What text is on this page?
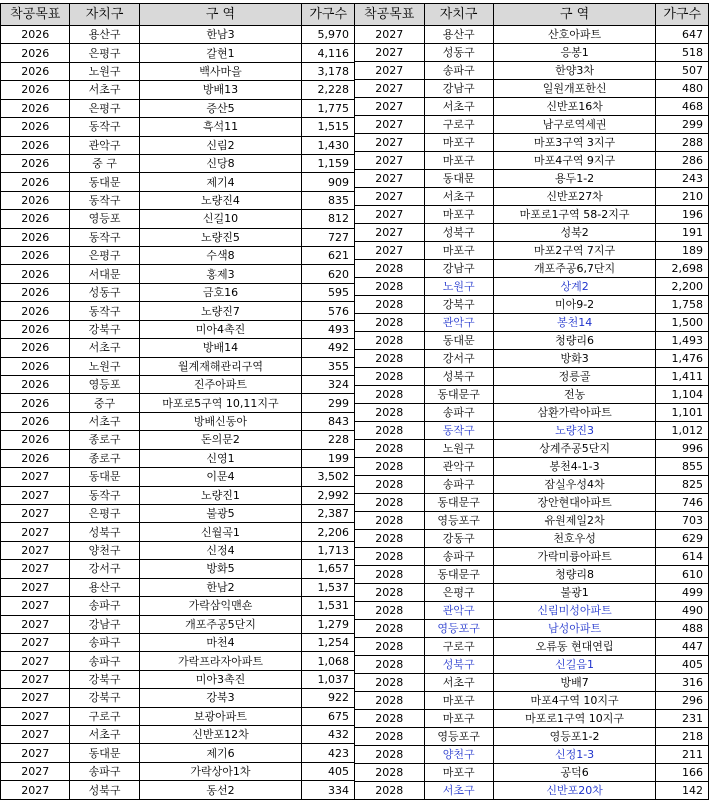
착공목표	자치구	구 역	가구수
2026	용산구	한남3	5,970
2026	은평구	갈현1	4,116
2026	노원구	백사마을	3,178
2026	서초구	방배13	2,228
2026	은평구	증산5	1,775
2026	동작구	흑석11	1,515
2026	관악구	신림2	1,430
2026	중 구	신당8	1,159
2026	동대문	제기4	909
2026	동작구	노량진4	835
2026	영등포	신길10	812
2026	동작구	노량진5	727
2026	은평구	수색8	621
2026	서대문	홍제3	620
2026	성동구	금호16	595
2026	동작구	노량진7	576
2026	강북구	미아4촉진	493
2026	서초구	방배14	492
2026	노원구	월계재해관리구역	355
2026	영등포	진주아파트	324
2026	중구	마포로5구역 10,11지구	299
2026	서초구	방배신동아	843
2026	종로구	돈의문2	228
2026	종로구	신영1	199
2027	동대문	이문4	3,502
2027	동작구	노량진1	2,992
2027	은평구	불광5	2,387
2027	성북구	신월곡1	2,206
2027	양천구	신정4	1,713
2027	강서구	방화5	1,657
2027	용산구	한남2	1,537
2027	송파구	가락삼익맨숀	1,531
2027	강남구	개포주공5단지	1,279
2027	송파구	마천4	1,254
2027	송파구	가락프라자아파트	1,068
2027	강북구	미아3촉진	1,037
2027	강북구	강북3	922
2027	구로구	보광아파트	675
2027	서초구	신반포12차	432
2027	동대문	제기6	423
2027	송파구	가락상아1차	405
2027	성북구	동선2	334
착공목표	자치구	구 역	가구수
2027	용산구	산호아파트	647
2027	성동구	응봉1	518
2027	송파구	한양3차	507
2027	강남구	일원개포한신	480
2027	서초구	신반포16차	468
2027	구로구	남구로역세권	299
2027	마포구	마포3구역 3지구	288
2027	마포구	마포4구역 9지구	286
2027	동대문	용두1-2	243
2027	서초구	신반포27차	210
2027	마포구	마포로1구역 58-2지구	196
2027	성북구	성북2	191
2027	마포구	마포2구역 7지구	189
2028	강남구	개포주공6,7단지	2,698
2028	노원구	상계2	2,200
2028	강북구	미아9-2	1,758
2028	관악구	봉천14	1,500
2028	동대문	청량리6	1,493
2028	강서구	방화3	1,476
2028	성북구	정릉골	1,411
2028	동대문구	전농	1,104
2028	송파구	삼환가락아파트	1,101
2028	동작구	노량진3	1,012
2028	노원구	상계주공5단지	996
2028	관악구	봉천4-1-3	855
2028	송파구	잠실우성4차	825
2028	동대문구	장안현대아파트	746
2028	영등포구	유원제일2차	703
2028	강동구	천호우성	629
2028	송파구	가락미륭아파트	614
2028	동대문구	청량리8	610
2028	은평구	불광1	499
2028	관악구	신림미성아파트	490
2028	영등포구	남성아파트	488
2028	구로구	오류동 현대연립	447
2028	성북구	신길음1	405
2028	서초구	방배7	316
2028	마포구	마포4구역 10지구	296
2028	마포구	마포로1구역 10지구	231
2028	영등포구	영등포1-2	218
2028	양천구	신정1-3	211
2028	마포구	공덕6	166
2028	서초구	신반포20차	142
